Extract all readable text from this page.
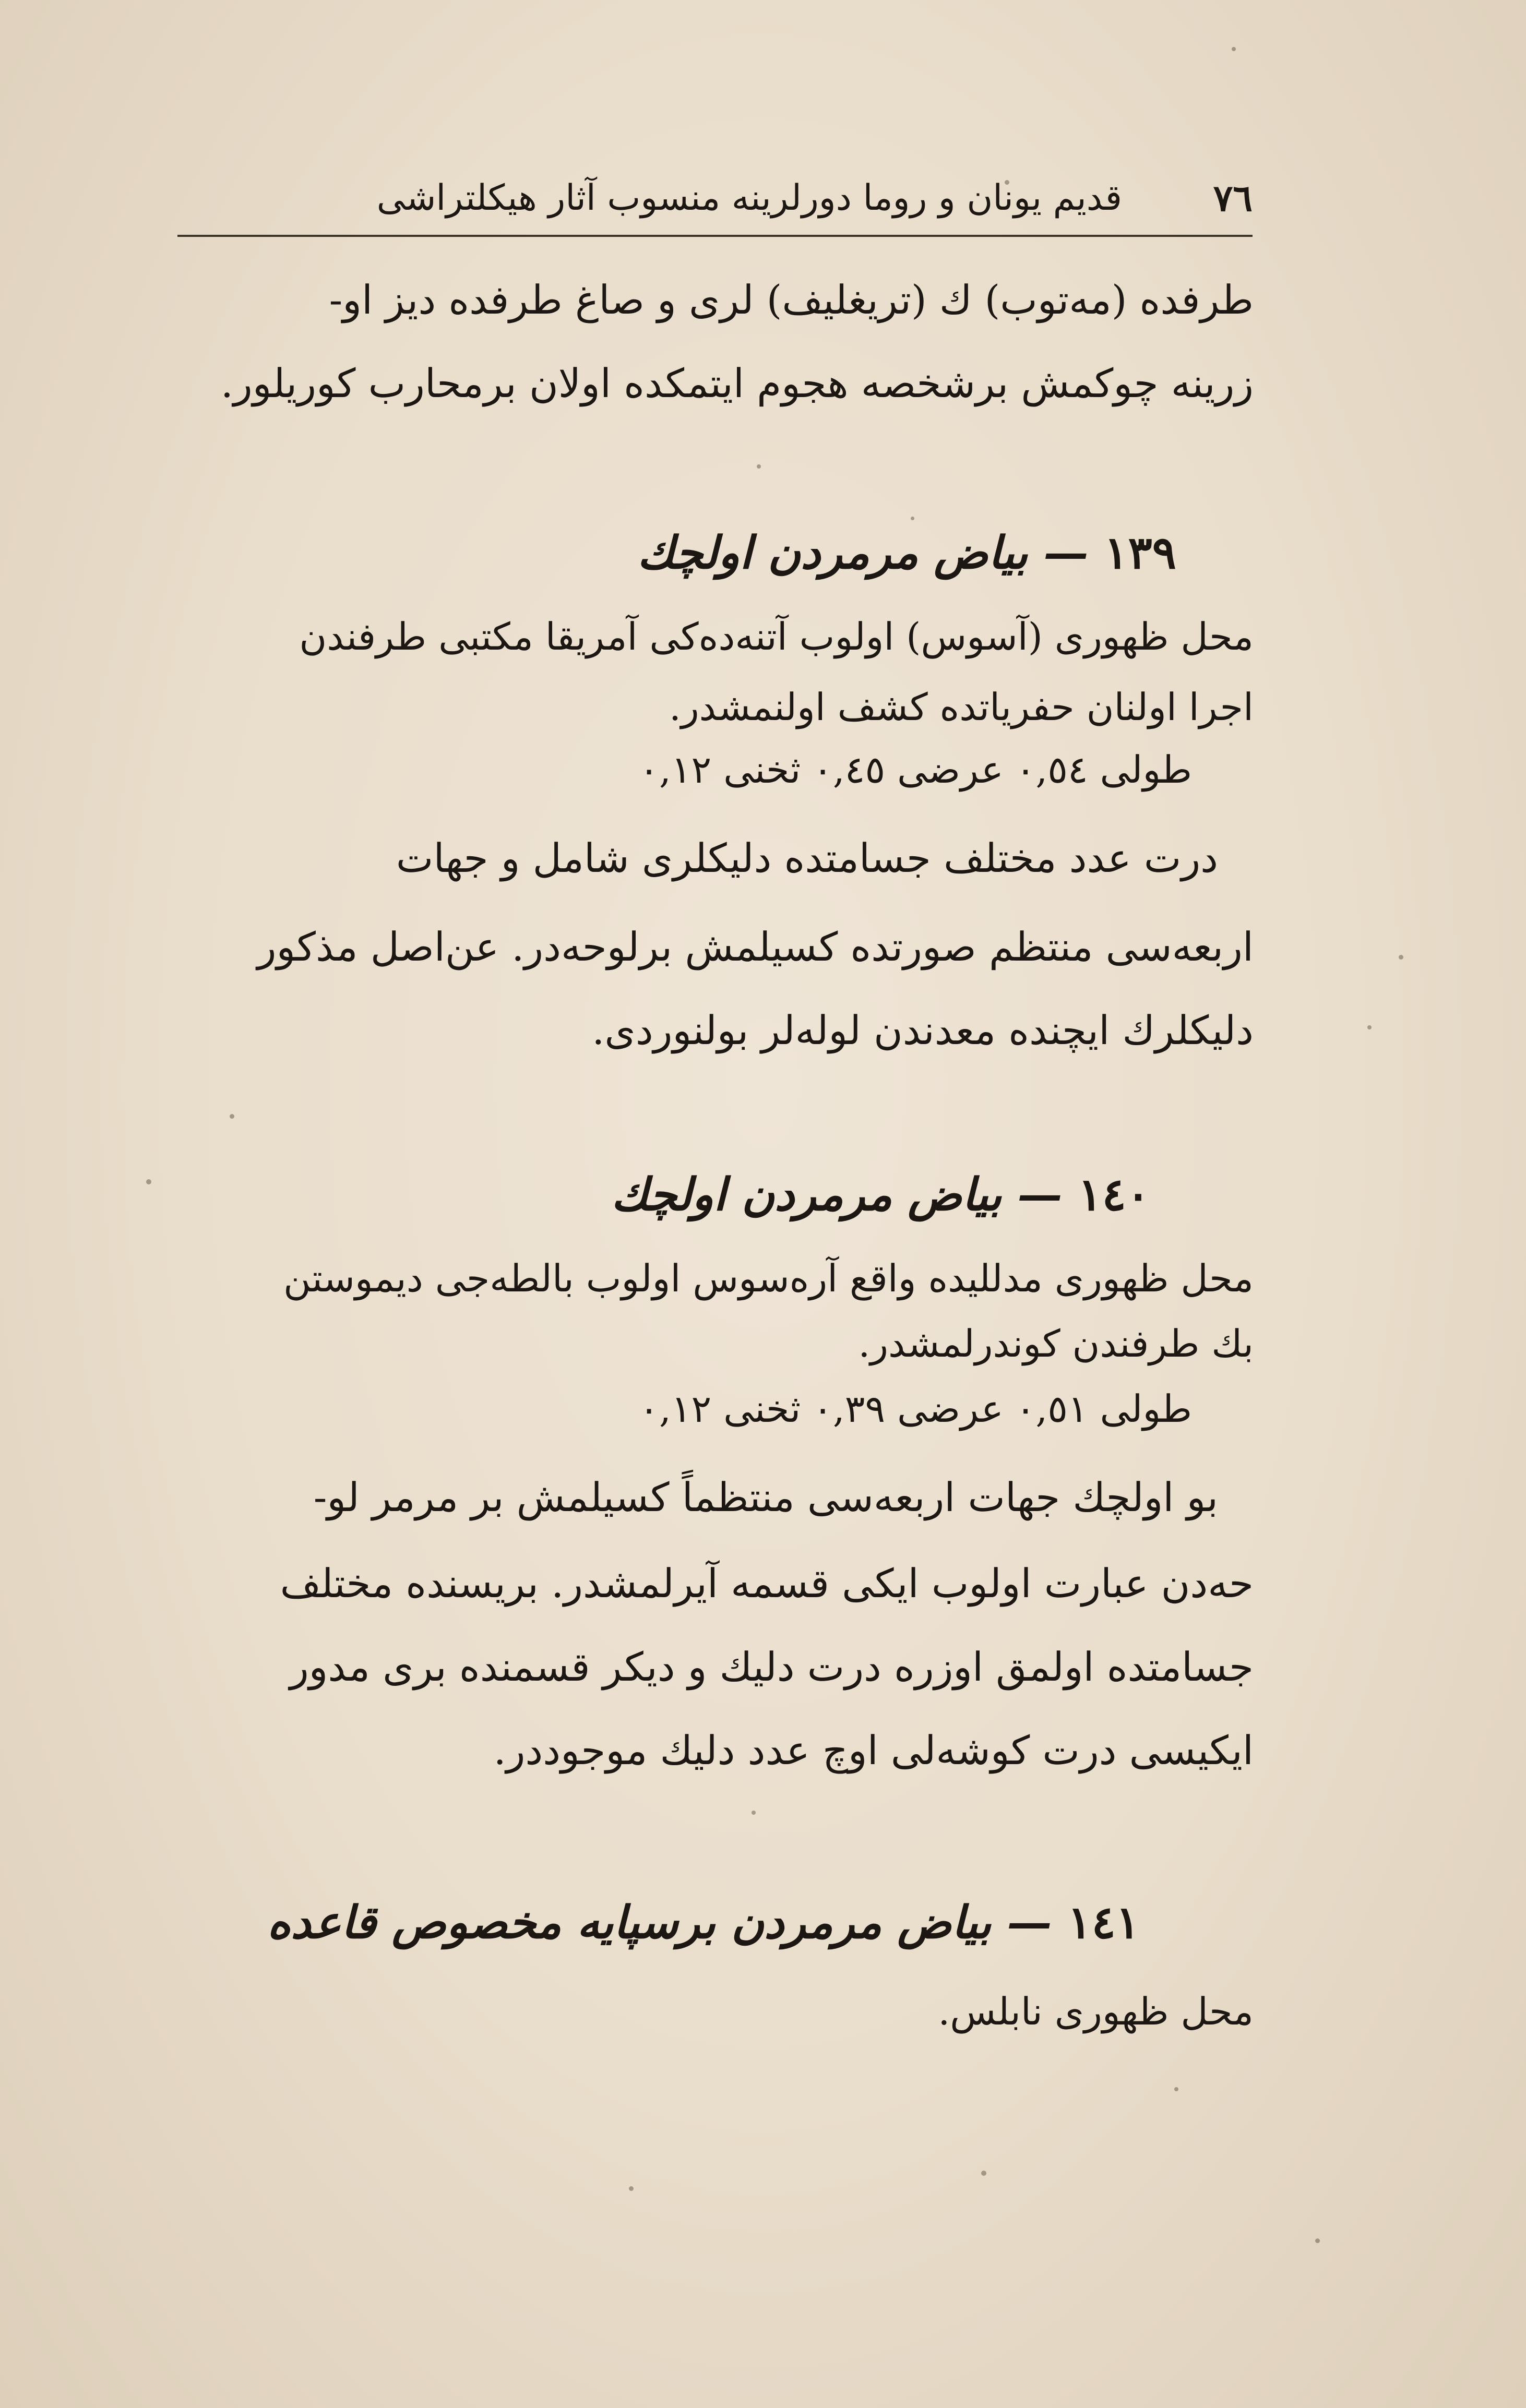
٧٦
قديم يونان و روما دورلرينه منسوب آثار هيكلتراشى
طرفده (مه‌توب) ك (تريغليف) لرى و صاغ طرفده ديز او-
زرينه چوكمش برشخصه هجوم ايتمكده اولان برمحارب كوريلور.
١٣٩— بياض مرمردن اولچك
محل ظهورى (آسوس) اولوب آتنه‌ده‌كى آمريقا مكتبى طرفندن
اجرا اولنان حفرياتده كشف اولنمشدر.
طولى ٠,٥٤ عرضى ٠,٤٥ ثخنى ٠,١٢
درت عدد مختلف جسامتده دليكلرى شامل و جهات
اربعه‌سى منتظم صورتده كسيلمش برلوحه‌در. عن‌اصل مذكور
دليكلرك ايچنده معدندن لوله‌لر بولنوردى.
١٤٠— بياض مرمردن اولچك
محل ظهورى مدلليده واقع آره‌سوس اولوب بالطه‌جى ديموستن
بك طرفندن كوندرلمشدر.
طولى ٠,٥١ عرضى ٠,٣٩ ثخنى ٠,١٢
بو اولچك جهات اربعه‌سى منتظماً كسيلمش بر مرمر لو-
حه‌دن عبارت اولوب ايكى قسمه آيرلمشدر. بريسنده مختلف
جسامتده اولمق اوزره درت دليك و ديكر قسمنده برى مدور
ايكيسى درت كوشه‌لى اوچ عدد دليك موجوددر.
١٤١— بياض مرمردن برسپايه مخصوص قاعده
محل ظهورى نابلس.
